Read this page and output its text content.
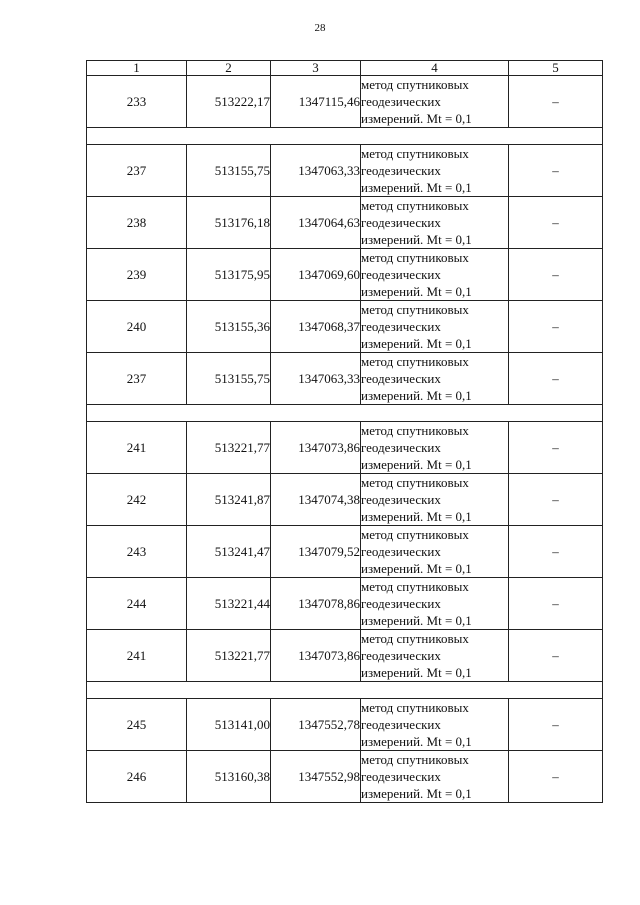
28
1	2	3	4	5
233	513222,17	1347115,46	метод спутниковых
геодезических
измерений. Mt = 0,1	–

237	513155,75	1347063,33	метод спутниковых
геодезических
измерений. Mt = 0,1	–
238	513176,18	1347064,63	метод спутниковых
геодезических
измерений. Mt = 0,1	–
239	513175,95	1347069,60	метод спутниковых
геодезических
измерений. Mt = 0,1	–
240	513155,36	1347068,37	метод спутниковых
геодезических
измерений. Mt = 0,1	–
237	513155,75	1347063,33	метод спутниковых
геодезических
измерений. Mt = 0,1	–

241	513221,77	1347073,86	метод спутниковых
геодезических
измерений. Mt = 0,1	–
242	513241,87	1347074,38	метод спутниковых
геодезических
измерений. Mt = 0,1	–
243	513241,47	1347079,52	метод спутниковых
геодезических
измерений. Mt = 0,1	–
244	513221,44	1347078,86	метод спутниковых
геодезических
измерений. Mt = 0,1	–
241	513221,77	1347073,86	метод спутниковых
геодезических
измерений. Mt = 0,1	–

245	513141,00	1347552,78	метод спутниковых
геодезических
измерений. Mt = 0,1	–
246	513160,38	1347552,98	метод спутниковых
геодезических
измерений. Mt = 0,1	–
